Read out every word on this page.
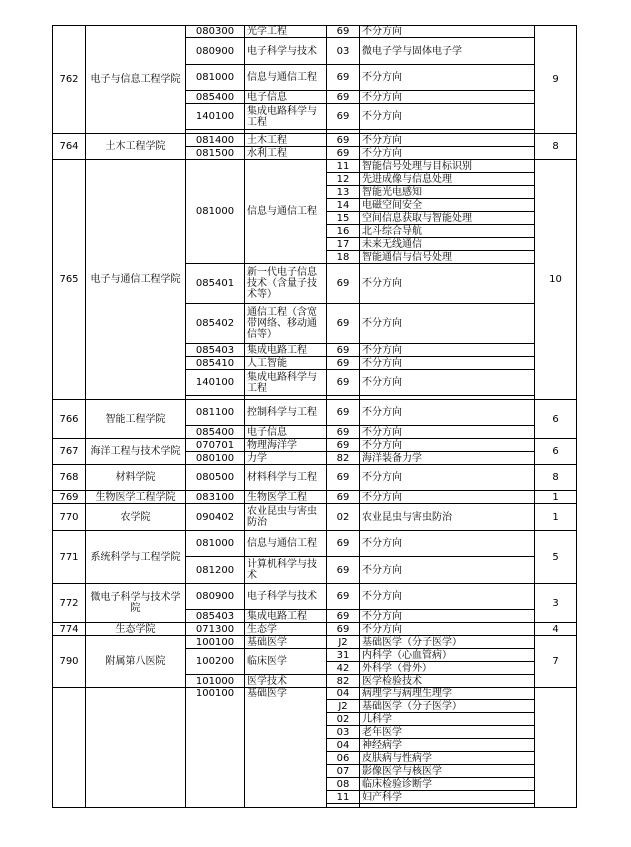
762	电子与信息工程学院	080300	光学工程	69	不分方向	9
		080900	电子科学与技术	03	微电子学与固体电子学	
		081000	信息与通信工程	69	不分方向	
		085400	电子信息	69	不分方向	
		140100	集成电路科学与工程	69	不分方向	

764	土木工程学院	081400	土木工程	69	不分方向	8
		081500	水利工程	69	不分方向	
765	电子与通信工程学院	081000	信息与通信工程	11	智能信号处理与目标识别	10
				12	先进成像与信息处理	
				13	智能光电感知	
				14	电磁空间安全	
				15	空间信息获取与智能处理	
				16	北斗综合导航	
				17	未来无线通信	
				18	智能通信与信号处理	
		085401	新一代电子信息技术（含量子技术等）	69	不分方向	
		085402	通信工程（含宽带网络、移动通信等）	69	不分方向	
		085403	集成电路工程	69	不分方向	
		085410	人工智能	69	不分方向	
		140100	集成电路科学与工程	69	不分方向	

766	智能工程学院	081100	控制科学与工程	69	不分方向	6
		085400	电子信息	69	不分方向	
767	海洋工程与技术学院	070701	物理海洋学	69	不分方向	6
		080100	力学	82	海洋装备力学	
768	材料学院	080500	材料科学与工程	69	不分方向	8
769	生物医学工程学院	083100	生物医学工程	69	不分方向	1
770	农学院	090402	农业昆虫与害虫防治	02	农业昆虫与害虫防治	1
771	系统科学与工程学院	081000	信息与通信工程	69	不分方向	5
		081200	计算机科学与技术	69	不分方向	
772	微电子科学与技术学院	080900	电子科学与技术	69	不分方向	3
		085403	集成电路工程	69	不分方向	
774	生态学院	071300	生态学	69	不分方向	4
790	附属第八医院	100100	基础医学	J2	基础医学（分子医学）	7
		100200	临床医学	31	内科学（心血管病）	
				42	外科学（骨外）	
		101000	医学技术	82	医学检验技术	
		100100	基础医学	04	病理学与病理生理学	
				J2	基础医学（分子医学）	
				02	儿科学	
				03	老年医学	
				04	神经病学	
				06	皮肤病与性病学	
				07	影像医学与核医学	
				08	临床检验诊断学	
				11	妇产科学	
